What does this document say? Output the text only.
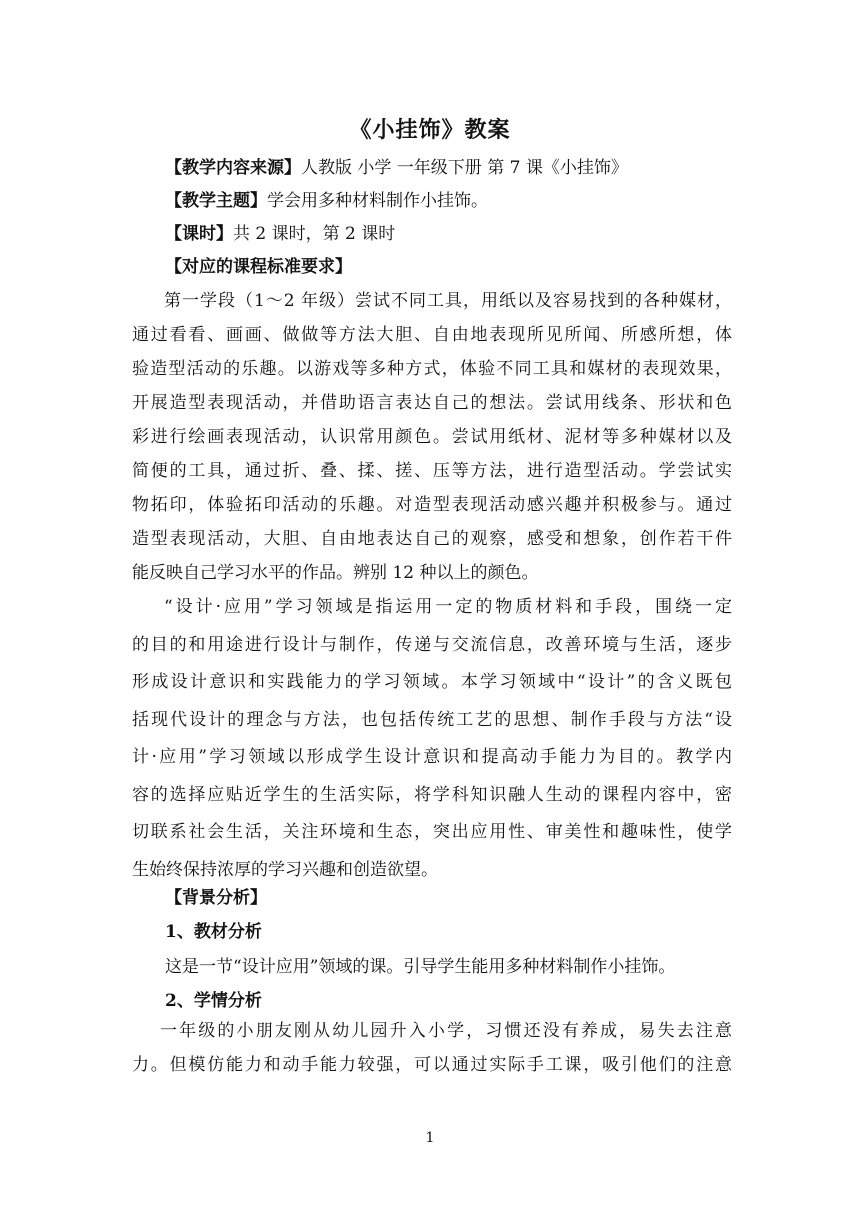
《小挂饰》教案
【教学内容来源】人教版 小学 一年级下册 第 7 课《小挂饰》
【教学主题】学会用多种材料制作小挂饰。
【课时】共 2 课时，第 2 课时
【对应的课程标准要求】
第一学段（1～2 年级）尝试不同工具，用纸以及容易找到的各种媒材，
通过看看、画画、做做等方法大胆、自由地表现所见所闻、所感所想，体
验造型活动的乐趣。以游戏等多种方式，体验不同工具和媒材的表现效果，
开展造型表现活动，并借助语言表达自己的想法。尝试用线条、形状和色
彩进行绘画表现活动，认识常用颜色。尝试用纸材、泥材等多种媒材以及
简便的工具，通过折、叠、揉、搓、压等方法，进行造型活动。学尝试实
物拓印，体验拓印活动的乐趣。对造型表现活动感兴趣并积极参与。通过
造型表现活动，大胆、自由地表达自己的观察，感受和想象，创作若干件
能反映自己学习水平的作品。辨别 12 种以上的颜色。
“设计·应用”学习领域是指运用一定的物质材料和手段，围绕一定
的目的和用途进行设计与制作，传递与交流信息，改善环境与生活，逐步
形成设计意识和实践能力的学习领域。本学习领域中“设计”的含义既包
括现代设计的理念与方法，也包括传统工艺的思想、制作手段与方法“设
计·应用”学习领域以形成学生设计意识和提高动手能力为目的。教学内
容的选择应贴近学生的生活实际，将学科知识融人生动的课程内容中，密
切联系社会生活，关注环境和生态，突出应用性、审美性和趣味性，使学
生始终保持浓厚的学习兴趣和创造欲望。
【背景分析】
1、教材分析
这是一节“设计应用”领域的课。引导学生能用多种材料制作小挂饰。
2、学情分析
一年级的小朋友刚从幼儿园升入小学，习惯还没有养成，易失去注意
力。但模仿能力和动手能力较强，可以通过实际手工课，吸引他们的注意
1
